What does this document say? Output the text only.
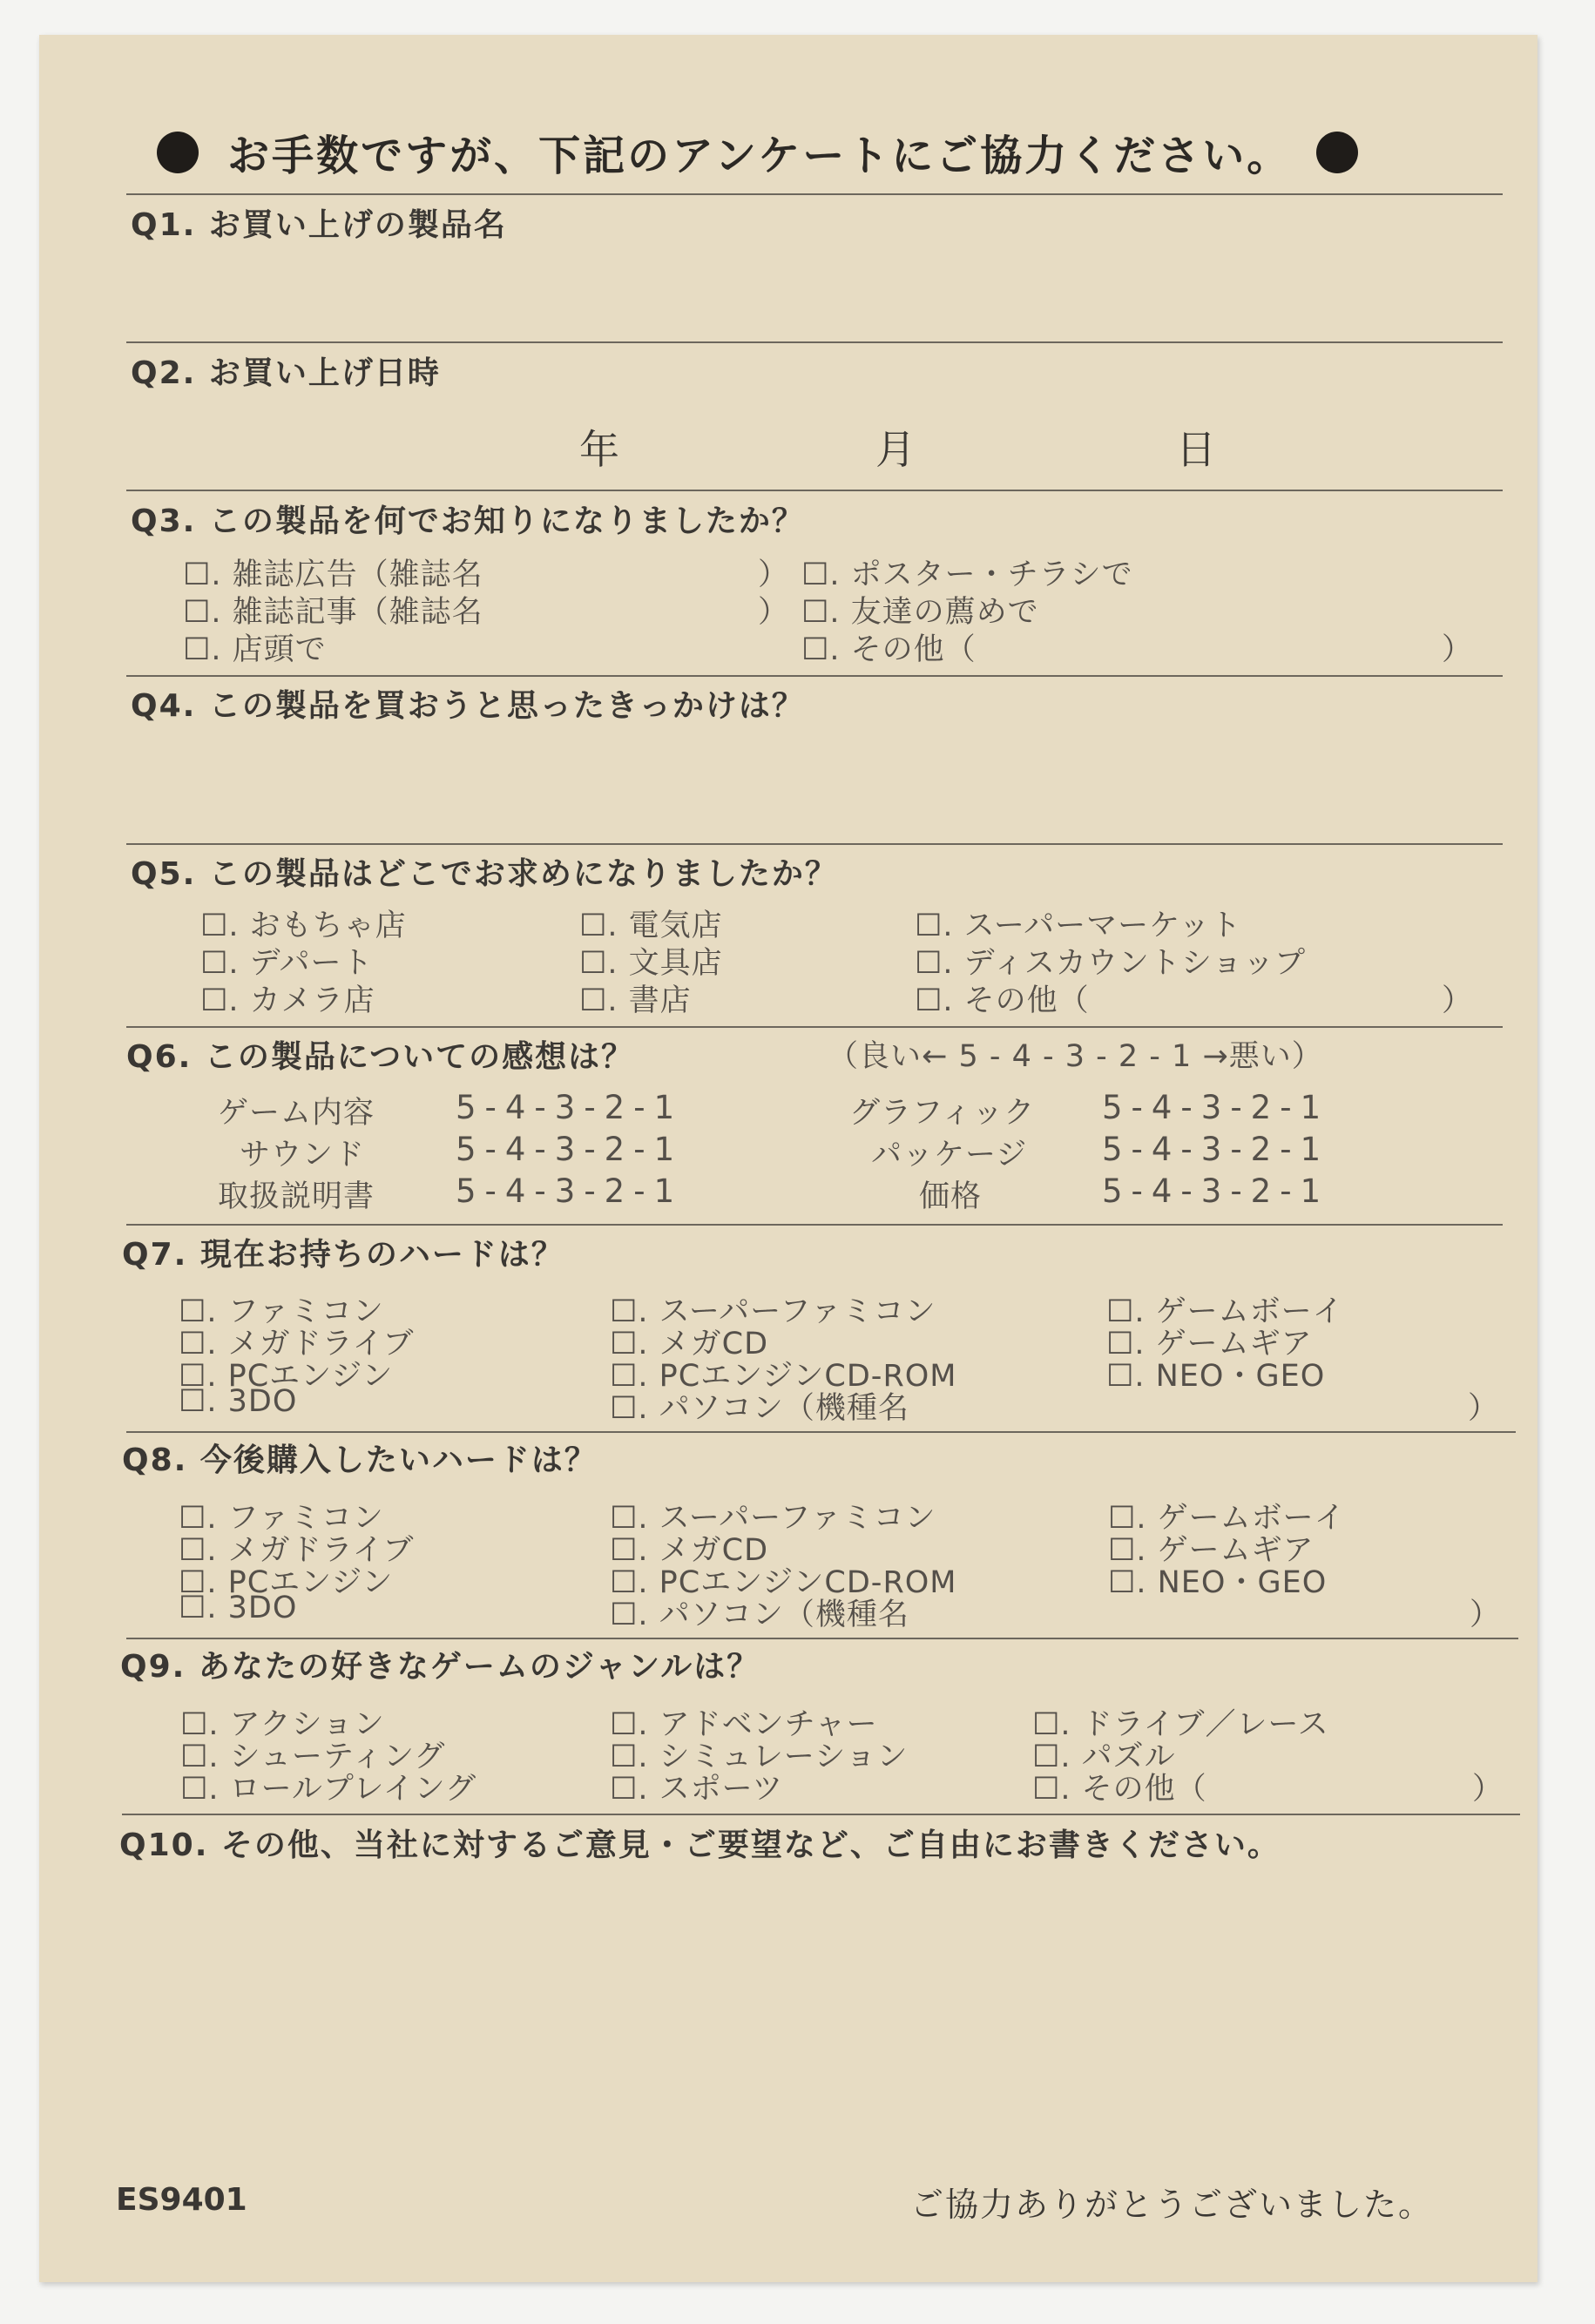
お手数ですが、下記のアンケートにご協力ください。
Q1. お買い上げの製品名
Q2. お買い上げ日時
年	月	日
Q3. この製品を何でお知りになりましたか？
☐. 雑誌広告（雑誌名	） ☐. ポスター・チラシで
☐. 雑誌記事（雑誌名	） ☐. 友達の薦めで
☐. 店頭で	☐. その他（	）
Q4. この製品を買おうと思ったきっかけは？
Q5. この製品はどこでお求めになりましたか？
☐. おもちゃ店	☐. 電気店	☐. スーパーマーケット
☐. デパート	☐. 文具店	☐. ディスカウントショップ
☐. カメラ店	☐. 書店	☐. その他（	）
Q6. この製品についての感想は？	（良い← 5 - 4 - 3 - 2 - 1 →悪い）
ゲーム内容	5-4-3-2-1	グラフィック 5-4-3-2-1
サウンド	5-4-3-2-1	パッケージ 5-4-3-2-1
取扱説明書	5-4-3-2-1	価格	5-4-3-2-1
Q7. 現在お持ちのハードは？
☐. ファミコン	☐. スーパーファミコン	☐. ゲームボーイ
☐. メガドライブ	☐. メガCD	☐. ゲームギア
☐. PCエンジン	☐. PCエンジンCD-ROM	☐. NEO・GEO
☐. 3DO	☐. パソコン（機種名	）
Q8. 今後購入したいハードは？
☐. ファミコン	☐. スーパーファミコン	☐. ゲームボーイ
☐. メガドライブ	☐. メガCD	☐. ゲームギア
☐. PCエンジン	☐. PCエンジンCD-ROM	☐. NEO・GEO
☐. 3DO	☐. パソコン（機種名	）
Q9. あなたの好きなゲームのジャンルは？
☐. アクション	☐. アドベンチャー	☐. ドライブ／レース
☐. シューティング	☐. シミュレーション	☐. パズル
☐. ロールプレイング	☐. スポーツ	☐. その他（	）
Q10. その他、当社に対するご意見・ご要望など、ご自由にお書きください。
ES9401	ご協力ありがとうございました。
